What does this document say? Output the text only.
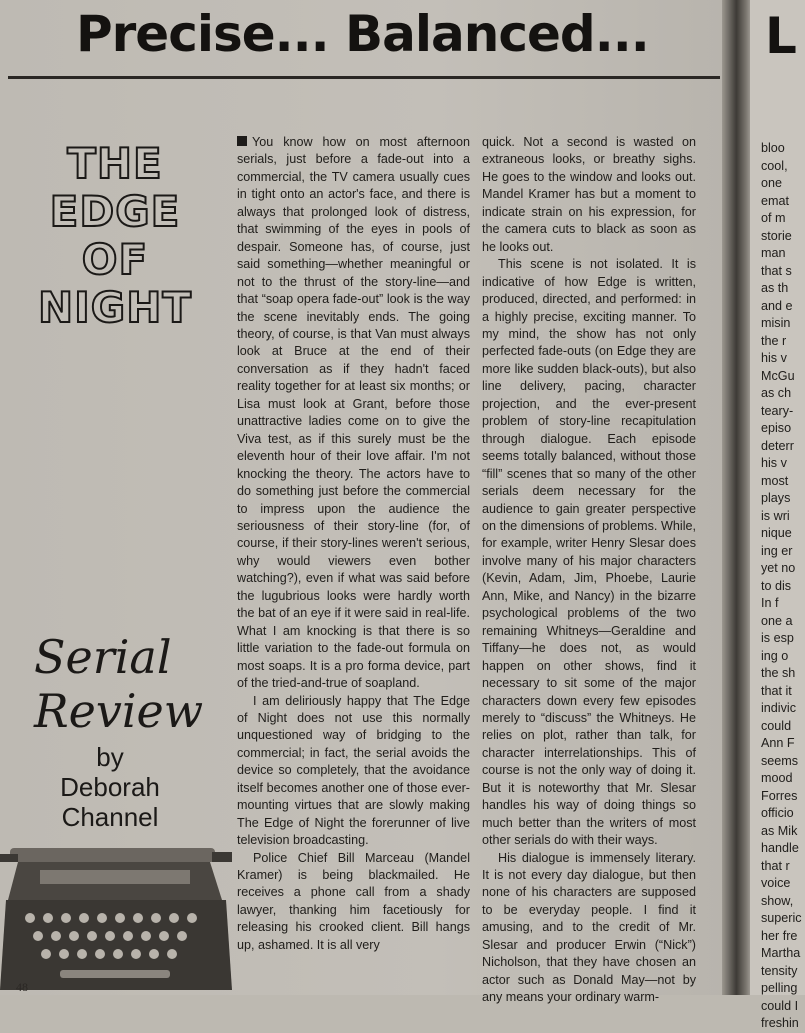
Precise... Balanced...	L
THE
EDGE
OF
NIGHT
Serial
Review
by
Deborah
Channel

You know how on most afternoon serials, just before a fade-out into a commercial, the TV camera usually cues in tight onto an actor's face, and there is always that prolonged look of distress, that swimming of the eyes in pools of despair. Someone has, of course, just said something—whether meaningful or not to the thrust of the story-line—and that “soap opera fade-out” look is the way the scene inevitably ends. The going theory, of course, is that Van must always look at Bruce at the end of their conversation as if they hadn't faced reality together for at least six months; or Lisa must look at Grant, before those unattractive ladies come on to give the Viva test, as if this surely must be the eleventh hour of their love affair. I'm not knocking the theory. The actors have to do something just before the commercial to impress upon the audience the seriousness of their story-line (for, of course, if their story-lines weren't serious, why would viewers even bother watching?), even if what was said before the lugubrious looks were hardly worth the bat of an eye if it were said in real-life. What I am knocking is that there is so little variation to the fade-out formula on most soaps. It is a pro forma device, part of the tried-and-true of soapland.

I am deliriously happy that The Edge of Night does not use this normally unquestioned way of bridging to the commercial; in fact, the serial avoids the device so completely, that the avoidance itself becomes another one of those ever-mounting virtues that are slowly making The Edge of Night the forerunner of live television broadcasting.

Police Chief Bill Marceau (Mandel Kramer) is being blackmailed. He receives a phone call from a shady lawyer, thanking him facetiously for releasing his crooked client. Bill hangs up, ashamed. It is all very

quick. Not a second is wasted on extraneous looks, or breathy sighs. He goes to the window and looks out. Mandel Kramer has but a moment to indicate strain on his expression, for the camera cuts to black as soon as he looks out.

This scene is not isolated. It is indicative of how Edge is written, produced, directed, and performed: in a highly precise, exciting manner. To my mind, the show has not only perfected fade-outs (on Edge they are more like sudden black-outs), but also line delivery, pacing, character projection, and the ever-present problem of story-line recapitulation through dialogue. Each episode seems totally balanced, without those “fill” scenes that so many of the other serials deem necessary for the audience to gain greater perspective on the dimensions of problems. While, for example, writer Henry Slesar does involve many of his major characters (Kevin, Adam, Jim, Phoebe, Laurie Ann, Mike, and Nancy) in the bizarre psychological problems of the two remaining Whitneys—Geraldine and Tiffany—he does not, as would happen on other shows, find it necessary to sit some of the major characters down every few episodes merely to “discuss” the Whitneys. He relies on plot, rather than talk, for character interrelationships. This of course is not the only way of doing it. But it is noteworthy that Mr. Slesar handles his way of doing things so much better than the writers of most other serials do with their ways.

His dialogue is immensely literary. It is not every day dialogue, but then none of his characters are supposed to be everyday people. I find it amusing, and to the credit of Mr. Slesar and producer Erwin (“Nick”) Nicholson, that they have chosen an actor such as Donald May—not by any means your ordinary warm-

bloo
cool,
one
emat
of m
storie
man
that s
as th
and e
misin
the r
his v
McGu
as ch
teary-
episo
deterr
his v
most
plays
is wri
nique
ing er
yet no
to dis
In f
one a
is esp
ing o
the sh
that it
indivic
could
Ann F
seems
mood
Forres
officio
as Mik
handle
that r
voice
show,
superic
her fre
Martha
tensity
pelling
could I
freshin
48
